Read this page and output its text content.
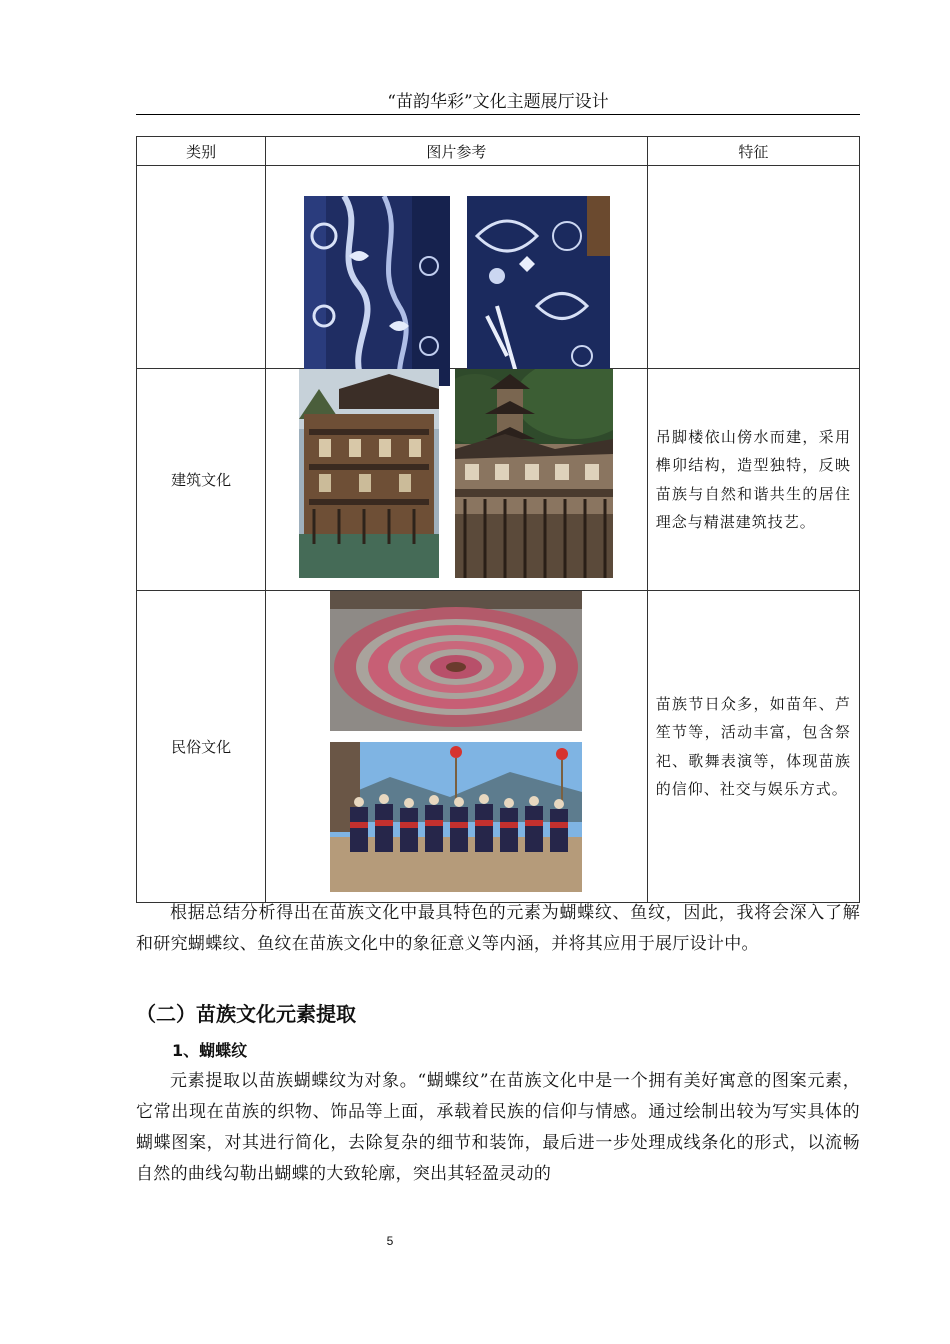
“苗韵华彩”文化主题展厅设计
类别	图片参考	特征

建筑文化		吊脚楼依山傍水而建，采用榫卯结构，造型独特，反映苗族与自然和谐共生的居住理念与精湛建筑技艺。
民俗文化		苗族节日众多，如苗年、芦笙节等，活动丰富，包含祭祀、歌舞表演等，体现苗族的信仰、社交与娱乐方式。
根据总结分析得出在苗族文化中最具特色的元素为蝴蝶纹、鱼纹，因此，我将会深入了解和研究蝴蝶纹、鱼纹在苗族文化中的象征意义等内涵，并将其应用于展厅设计中。
（二）苗族文化元素提取
1、蝴蝶纹
元素提取以苗族蝴蝶纹为对象。“蝴蝶纹”在苗族文化中是一个拥有美好寓意的图案元素，它常出现在苗族的织物、饰品等上面，承载着民族的信仰与情感。通过绘制出较为写实具体的蝴蝶图案，对其进行简化，去除复杂的细节和装饰，最后进一步处理成线条化的形式，以流畅自然的曲线勾勒出蝴蝶的大致轮廓，突出其轻盈灵动的
5
